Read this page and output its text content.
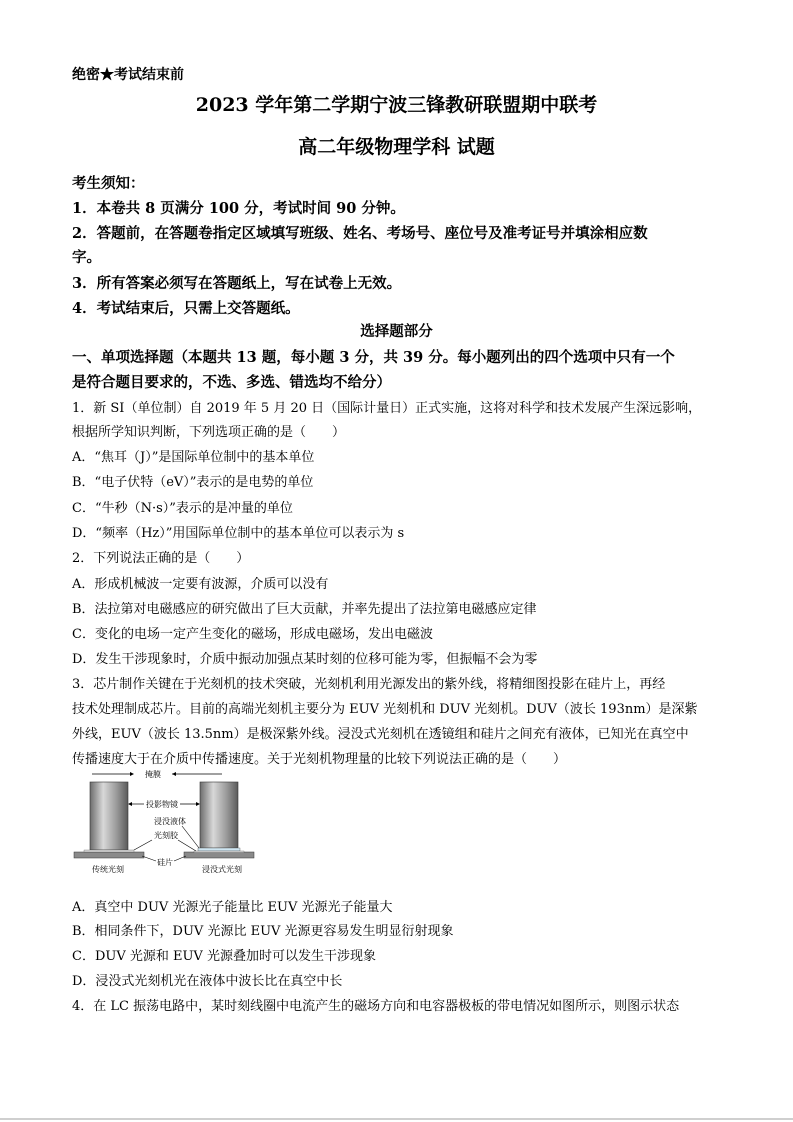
绝密★考试结束前
2023 学年第二学期宁波三锋教研联盟期中联考
高二年级物理学科 试题
考生须知：
1．本卷共 8 页满分 100 分，考试时间 90 分钟。
2．答题前，在答题卷指定区域填写班级、姓名、考场号、座位号及准考证号并填涂相应数
字。
3．所有答案必须写在答题纸上，写在试卷上无效。
4．考试结束后，只需上交答题纸。
选择题部分
一、单项选择题（本题共 13 题，每小题 3 分，共 39 分。每小题列出的四个选项中只有一个
是符合题目要求的，不选、多选、错选均不给分）
1．新 SI（单位制）自 2019 年 5 月 20 日（国际计量日）正式实施，这将对科学和技术发展产生深远影响，
根据所学知识判断，下列选项正确的是（　　）
A．“焦耳（J）”是国际单位制中的基本单位
B．“电子伏特（eV）”表示的是电势的单位
C．“牛秒（N·s）”表示的是冲量的单位
D．“频率（Hz）”用国际单位制中的基本单位可以表示为 s
2．下列说法正确的是（　　）
A．形成机械波一定要有波源，介质可以没有
B．法拉第对电磁感应的研究做出了巨大贡献，并率先提出了法拉第电磁感应定律
C．变化的电场一定产生变化的磁场，形成电磁场，发出电磁波
D．发生干涉现象时，介质中振动加强点某时刻的位移可能为零，但振幅不会为零
3．芯片制作关键在于光刻机的技术突破，光刻机利用光源发出的紫外线，将精细图投影在硅片上，再经
技术处理制成芯片。目前的高端光刻机主要分为 EUV 光刻机和 DUV 光刻机。DUV（波长 193nm）是深紫
外线，EUV（波长 13.5nm）是极深紫外线。浸没式光刻机在透镜组和硅片之间充有液体，已知光在真空中
传播速度大于在介质中传播速度。关于光刻机物理量的比较下列说法正确的是（　　）
掩膜
投影物镜
浸没液体
光刻胶
硅片
传统光刻	浸没式光刻
A．真空中 DUV 光源光子能量比 EUV 光源光子能量大
B．相同条件下，DUV 光源比 EUV 光源更容易发生明显衍射现象
C．DUV 光源和 EUV 光源叠加时可以发生干涉现象
D．浸没式光刻机光在液体中波长比在真空中长
4．在 LC 振荡电路中，某时刻线圈中电流产生的磁场方向和电容器极板的带电情况如图所示，则图示状态
